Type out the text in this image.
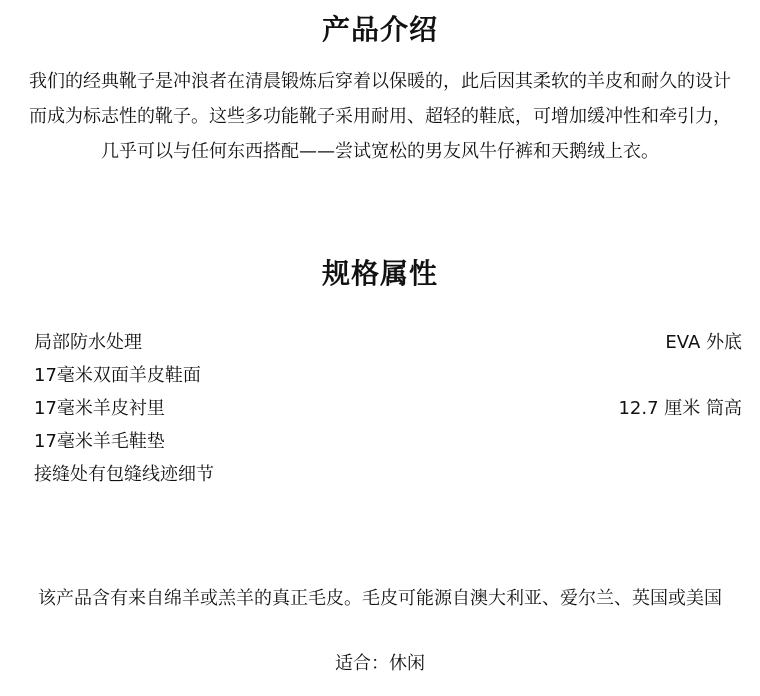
产品介绍

我们的经典靴子是冲浪者在清晨锻炼后穿着以保暖的，此后因其柔软的羊皮和耐久的设计而成为标志性的靴子。这些多功能靴子采用耐用、超轻的鞋底，可增加缓冲性和牵引力，几乎可以与任何东西搭配——尝试宽松的男友风牛仔裤和天鹅绒上衣。

规格属性
局部防水处理	EVA 外底
17毫米双面羊皮鞋面
17毫米羊皮衬里	12.7 厘米 筒高
17毫米羊毛鞋垫
接缝处有包缝线迹细节

该产品含有来自绵羊或羔羊的真正毛皮。毛皮可能源自澳大利亚、爱尔兰、英国或美国

适合：休闲
